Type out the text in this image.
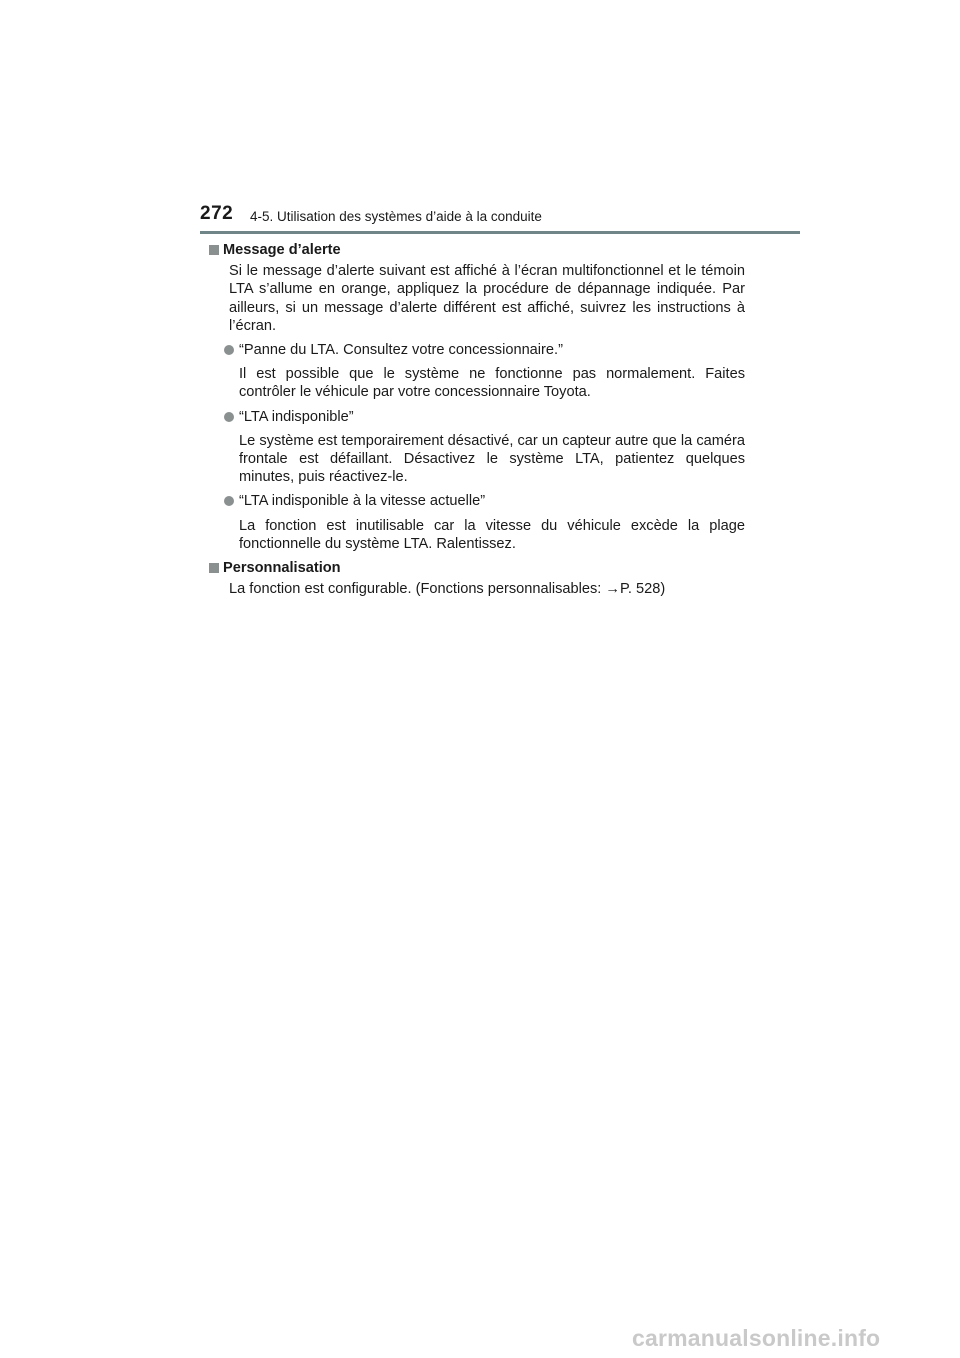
272 4-5. Utilisation des systèmes d’aide à la conduite
Message d’alerte

Si le message d’alerte suivant est affiché à l’écran multifonctionnel et le témoin LTA s’allume en orange, appliquez la procédure de dépannage indiquée. Par ailleurs, si un message d’alerte différent est affiché, suivrez les instructions à l’écran.

“Panne du LTA. Consultez votre concessionnaire.”

Il est possible que le système ne fonctionne pas normalement. Faites contrôler le véhicule par votre concessionnaire Toyota.

“LTA indisponible”

Le système est temporairement désactivé, car un capteur autre que la caméra frontale est défaillant. Désactivez le système LTA, patientez quelques minutes, puis réactivez-le.

“LTA indisponible à la vitesse actuelle”

La fonction est inutilisable car la vitesse du véhicule excède la plage fonctionnelle du système LTA. Ralentissez.

Personnalisation

La fonction est configurable. (Fonctions personnalisables: →P. 528)

carmanualsonline.info
